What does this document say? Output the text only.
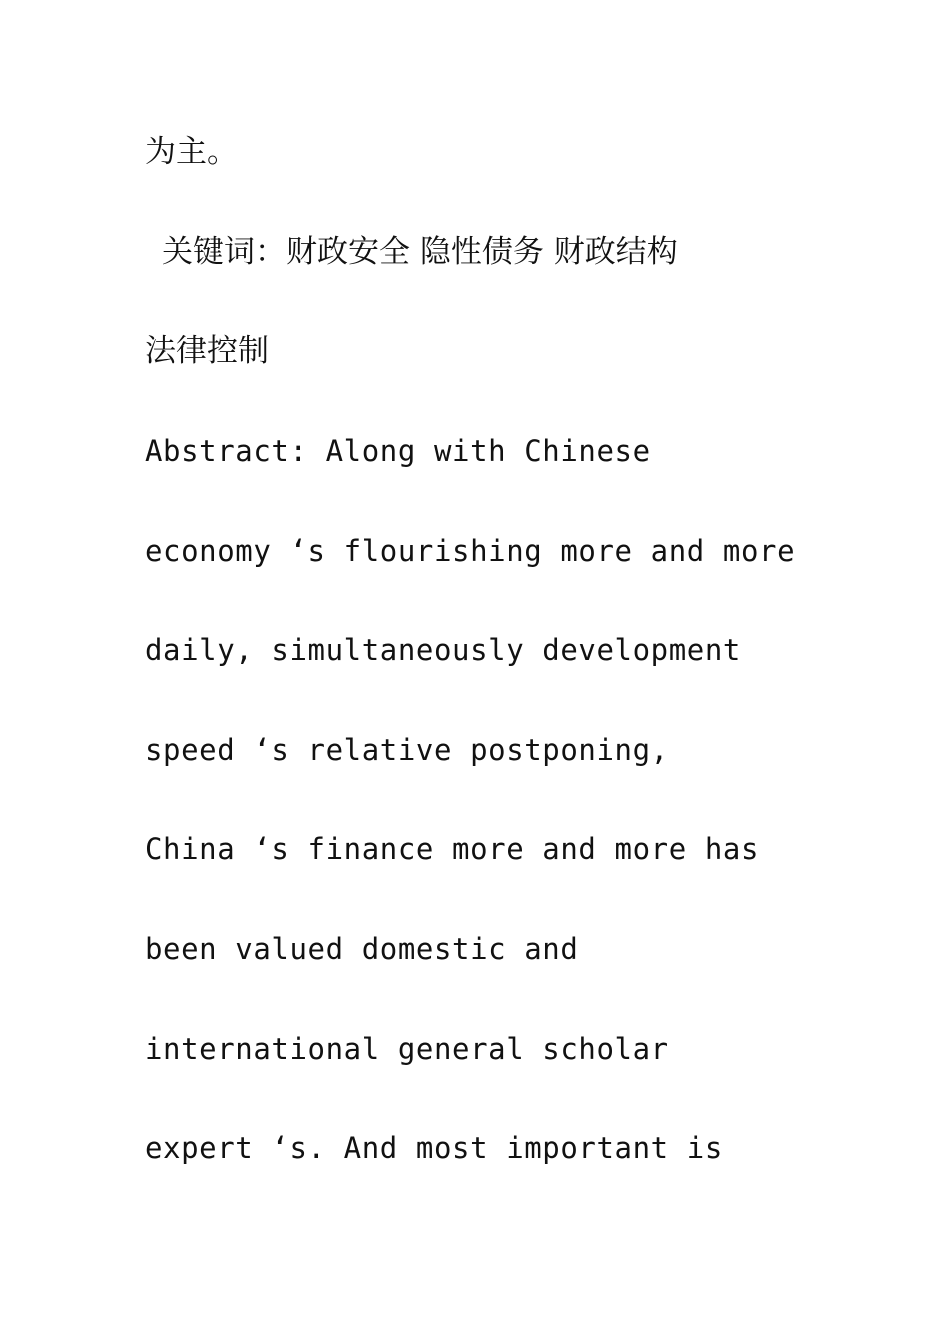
为主。

关键词：财政安全 隐性债务 财政结构

法律控制

Abstract: Along with Chinese

economy ‘s flourishing more and more

daily, simultaneously development

speed ‘s relative postponing,

China ‘s finance more and more has

been valued domestic and

international general scholar

expert ‘s. And most important is
